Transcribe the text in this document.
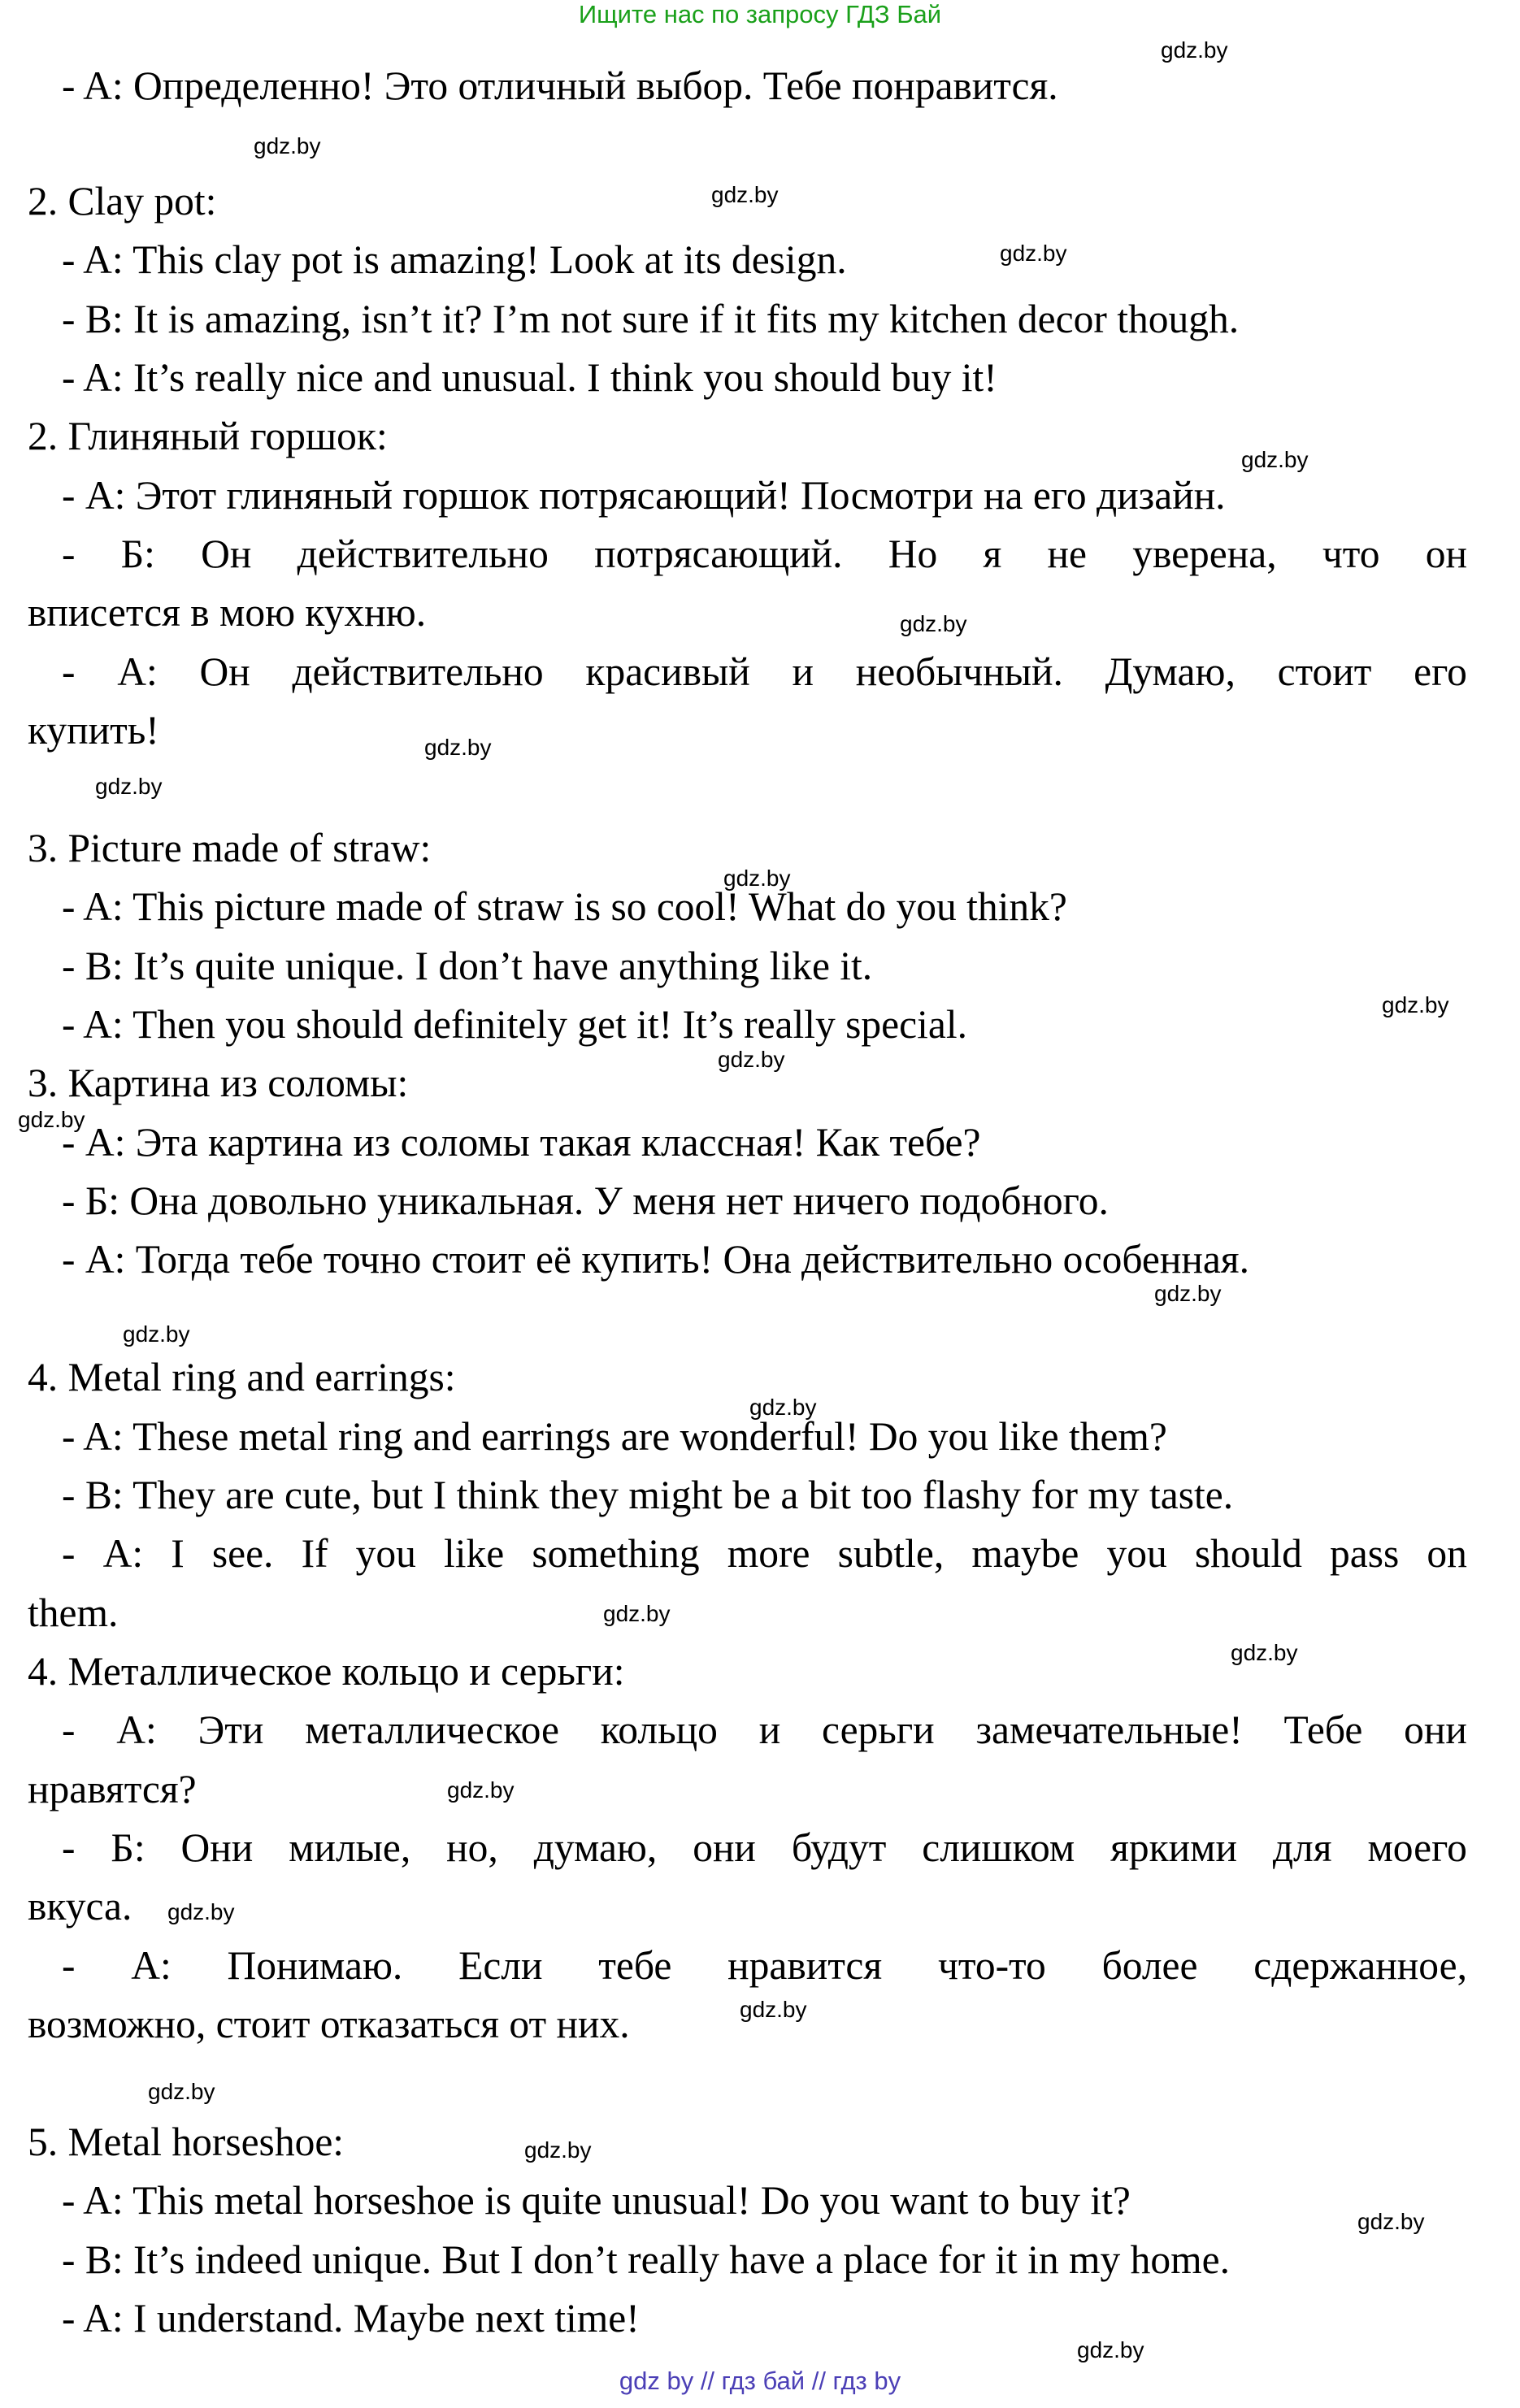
Ищите нас по запросу ГДЗ Бай
- A: Определенно! Это отличный выбор. Тебе понравится.
2. Clay pot:
- A: This clay pot is amazing! Look at its design.
- B: It is amazing, isn’t it? I’m not sure if it fits my kitchen decor though.
- A: It’s really nice and unusual. I think you should buy it!
2. Глиняный горшок:
- А: Этот глиняный горшок потрясающий! Посмотри на его дизайн.
- Б: Он действительно потрясающий. Но я не уверена, что он
вписется в мою кухню.
- А: Он действительно красивый и необычный. Думаю, стоит его
купить!
3. Picture made of straw:
- A: This picture made of straw is so cool! What do you think?
- B: It’s quite unique. I don’t have anything like it.
- A: Then you should definitely get it! It’s really special.
3. Картина из соломы:
- А: Эта картина из соломы такая классная! Как тебе?
- Б: Она довольно уникальная. У меня нет ничего подобного.
- А: Тогда тебе точно стоит её купить! Она действительно особенная.
4. Metal ring and earrings:
- A: These metal ring and earrings are wonderful! Do you like them?
- B: They are cute, but I think they might be a bit too flashy for my taste.
- A: I see. If you like something more subtle, maybe you should pass on
them.
4. Металлическое кольцо и серьги:
- А: Эти металлическое кольцо и серьги замечательные! Тебе они
нравятся?
- Б: Они милые, но, думаю, они будут слишком яркими для моего
вкуса.
- А: Понимаю. Если тебе нравится что-то более сдержанное,
возможно, стоит отказаться от них.
5. Metal horseshoe:
- A: This metal horseshoe is quite unusual! Do you want to buy it?
- B: It’s indeed unique. But I don’t really have a place for it in my home.
- A: I understand. Maybe next time!
gdz.by
gdz.by
gdz.by
gdz.by
gdz.by
gdz.by
gdz.by
gdz.by
gdz.by
gdz.by
gdz.by
gdz.by
gdz.by
gdz.by
gdz.by
gdz.by
gdz.by
gdz.by
gdz.by
gdz.by
gdz.by
gdz.by
gdz.by
gdz.by
gdz by // гдз бай // гдз by
